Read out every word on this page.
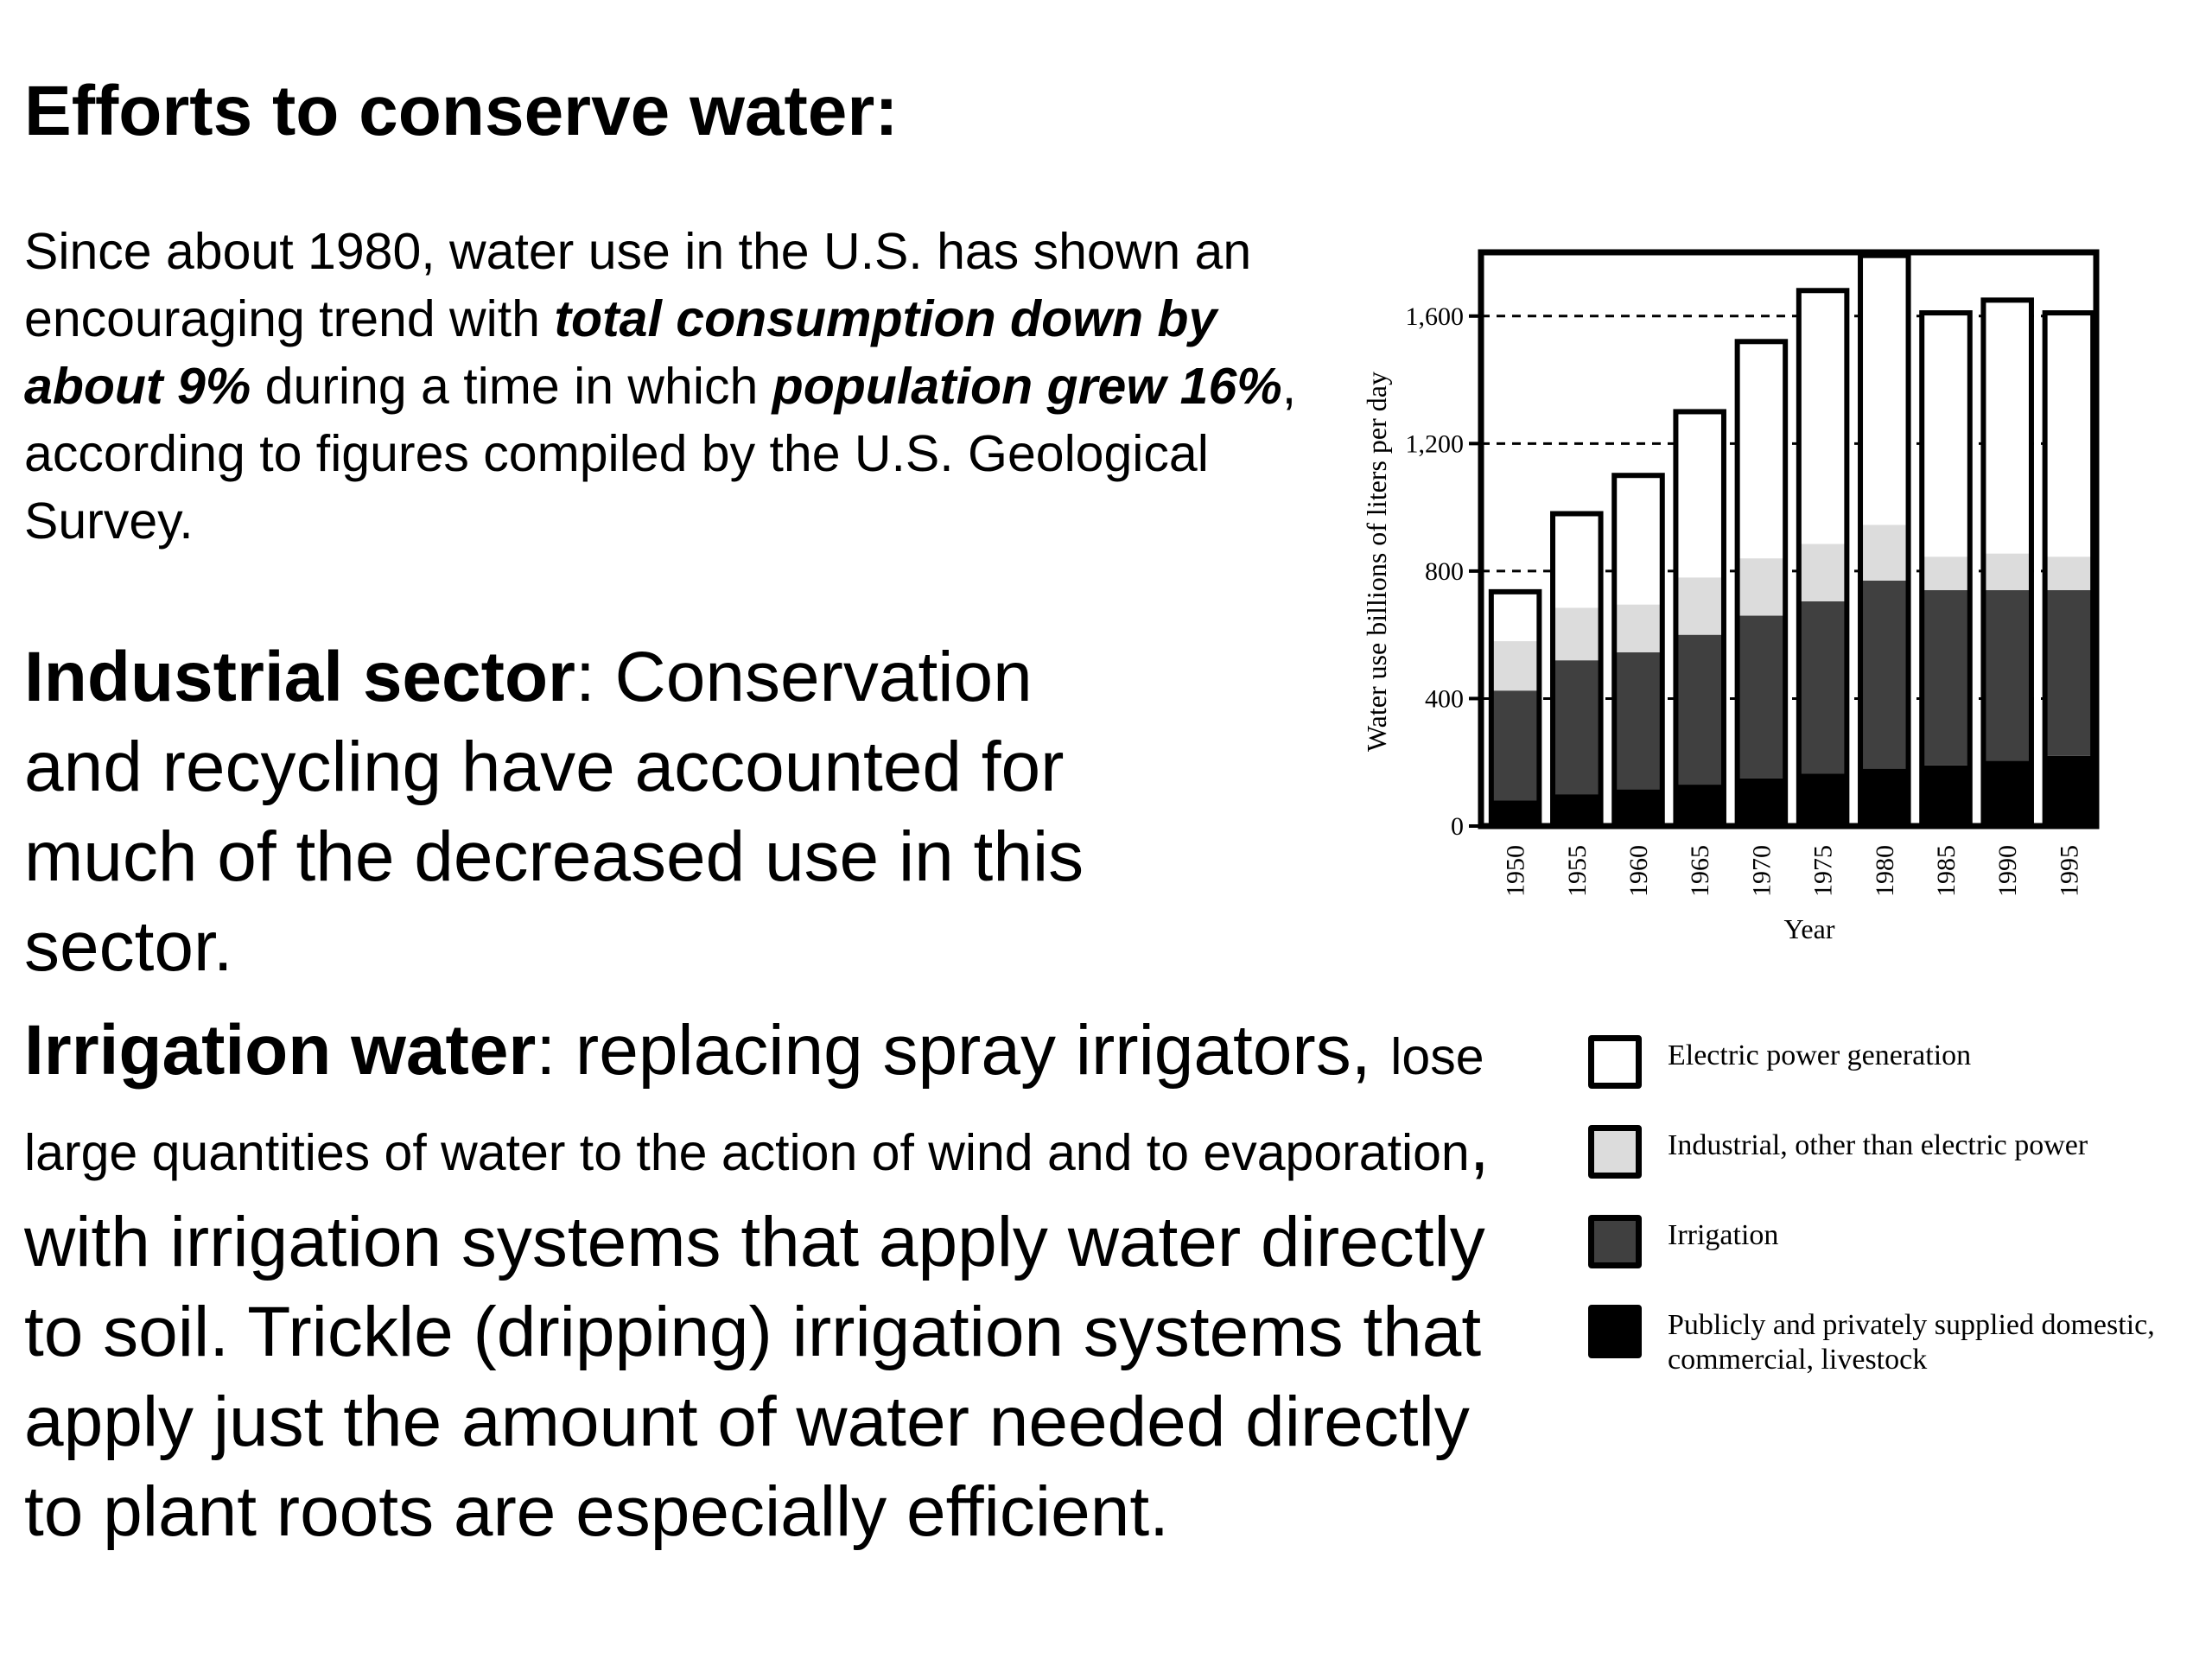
Efforts to conserve water:

Since about 1980, water use in the U.S. has shown an encouraging trend with total consumption down by about 9% during a time in which population grew 16%, according to figures compiled by the U.S. Geological Survey.

Industrial sector: Conservation and recycling have accounted for much of the decreased use in this sector.

Irrigation water: replacing spray irrigators, lose large quantities of water to the action of wind and to evaporation, with irrigation systems that apply water directly to soil. Trickle (dripping) irrigation systems that apply just the amount of water needed directly to plant roots are especially efficient.

0
400
800
1,200
1,600
1950 1955 1960 1965 1970 1975 1980 1985 1990 1995
Water use billions of liters per day
Year
Electric power generation
Industrial, other than electric power
Irrigation
Publicly and privately supplied domestic, commercial, livestock
